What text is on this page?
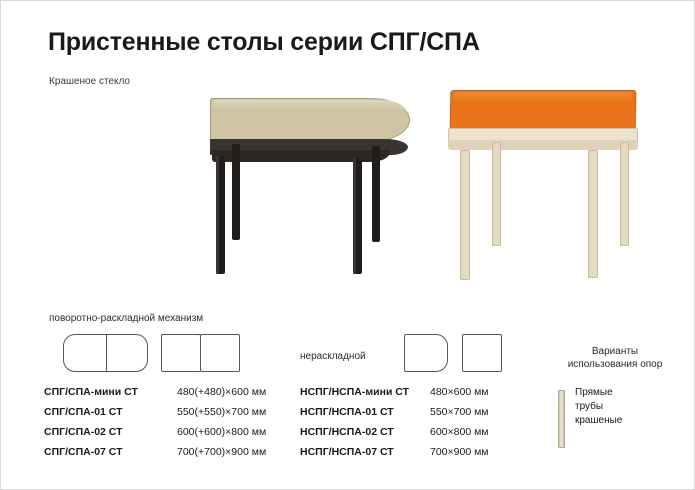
Пристенные столы серии СПГ/СПА
Крашеное стекло
поворотно-раскладной механизм
нераскладной
СПГ/СПА-мини СТ	480(+480)×600 мм
СПГ/СПА-01 СТ	550(+550)×700 мм
СПГ/СПА-02 СТ	600(+600)×800 мм
СПГ/СПА-07 СТ	700(+700)×900 мм
НСПГ/НСПА-мини СТ	480×600 мм
НСПГ/НСПА-01 СТ	550×700 мм
НСПГ/НСПА-02 СТ	600×800 мм
НСПГ/НСПА-07 СТ	700×900 мм
Варианты
использования опор
Прямые
трубы
крашеные
